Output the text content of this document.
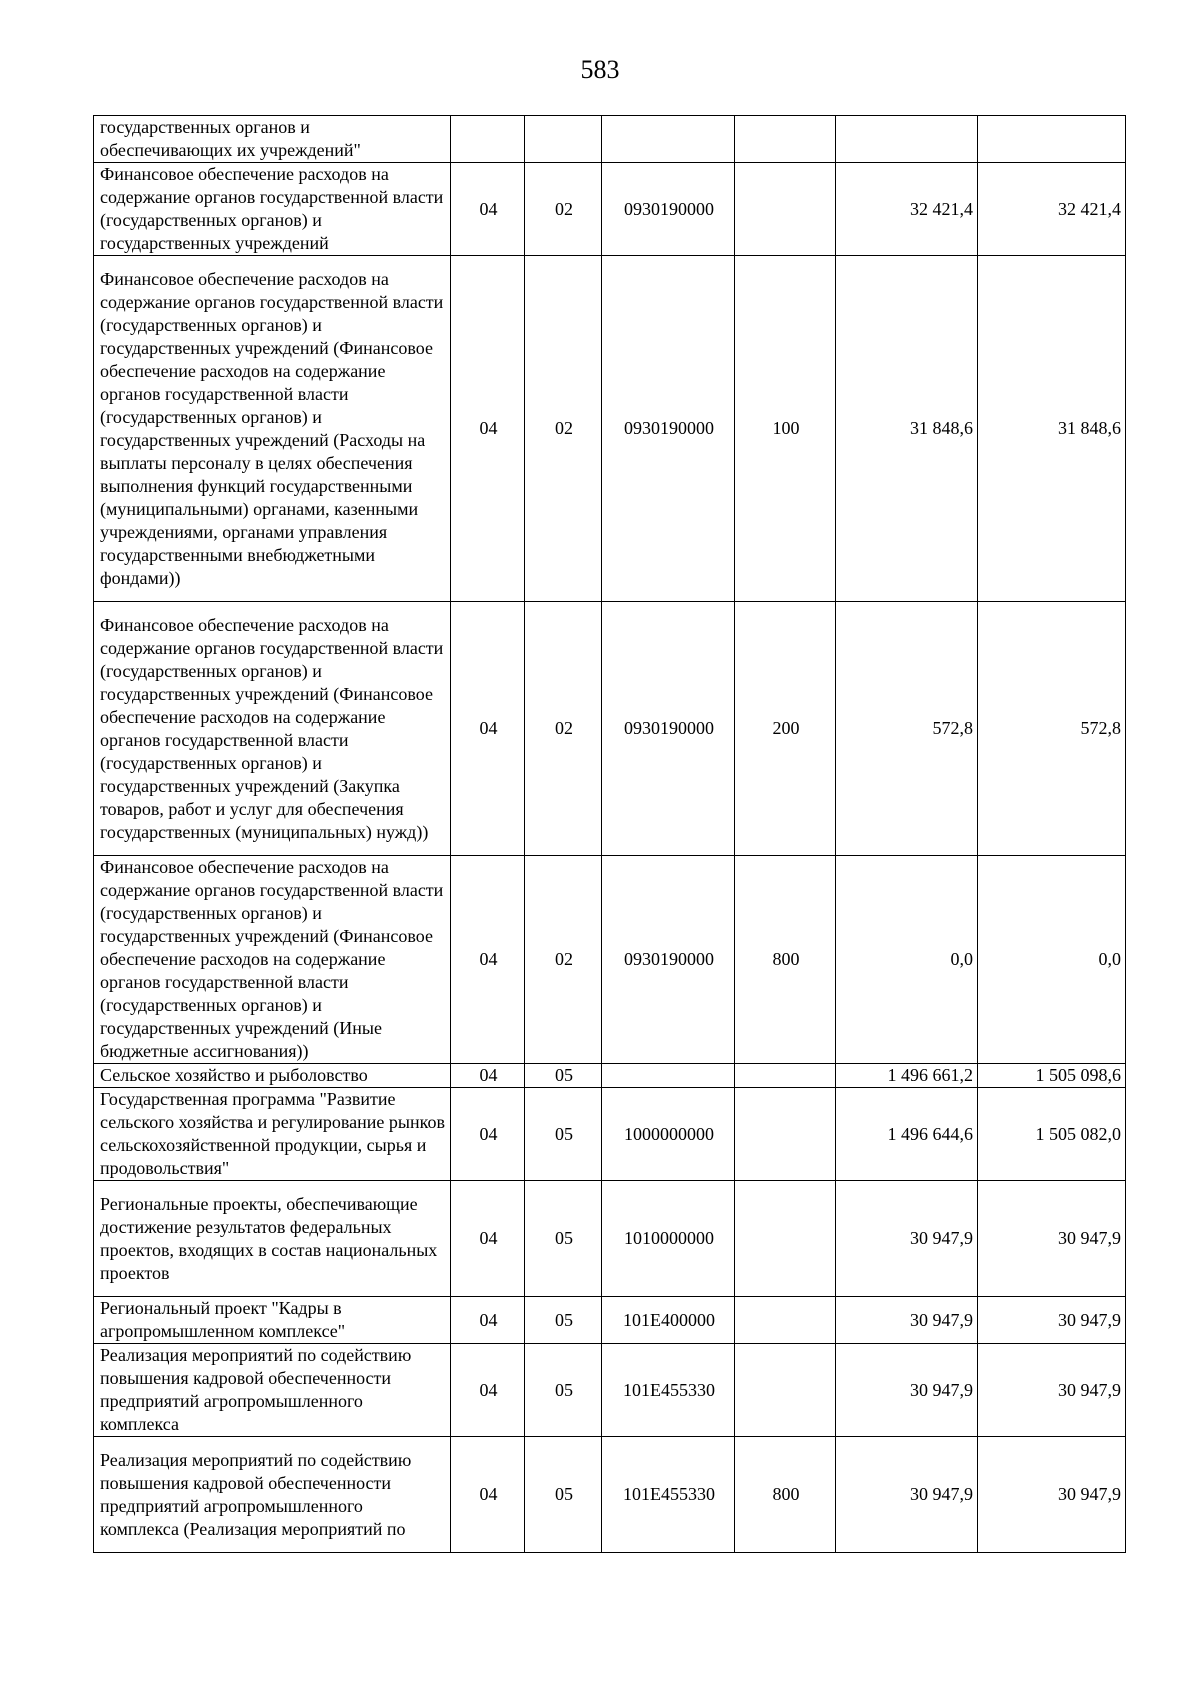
583
государственных органов и обеспечивающих их учреждений"						
Финансовое обеспечение расходов на содержание органов государственной власти (государственных органов) и государственных учреждений	04	02	0930190000		32 421,4	32 421,4
Финансовое обеспечение расходов на содержание органов государственной власти (государственных органов) и государственных учреждений (Финансовое обеспечение расходов на содержание органов государственной власти (государственных органов) и государственных учреждений (Расходы на выплаты персоналу в целях обеспечения выполнения функций государственными (муниципальными) органами, казенными учреждениями, органами управления государственными внебюджетными фондами))	04	02	0930190000	100	31 848,6	31 848,6
Финансовое обеспечение расходов на содержание органов государственной власти (государственных органов) и государственных учреждений (Финансовое обеспечение расходов на содержание органов государственной власти (государственных органов) и государственных учреждений (Закупка товаров, работ и услуг для обеспечения государственных (муниципальных) нужд))	04	02	0930190000	200	572,8	572,8
Финансовое обеспечение расходов на содержание органов государственной власти (государственных органов) и государственных учреждений (Финансовое обеспечение расходов на содержание органов государственной власти (государственных органов) и государственных учреждений (Иные бюджетные ассигнования))	04	02	0930190000	800	0,0	0,0
Сельское хозяйство и рыболовство	04	05			1 496 661,2	1 505 098,6
Государственная программа "Развитие сельского хозяйства и регулирование рынков сельскохозяйственной продукции, сырья и продовольствия"	04	05	1000000000		1 496 644,6	1 505 082,0
Региональные проекты, обеспечивающие достижение результатов федеральных проектов, входящих в состав национальных проектов	04	05	1010000000		30 947,9	30 947,9
Региональный проект "Кадры в агропромышленном комплексе"	04	05	101Е400000		30 947,9	30 947,9
Реализация мероприятий по содействию повышения кадровой обеспеченности предприятий агропромышленного комплекса	04	05	101Е455330		30 947,9	30 947,9
Реализация мероприятий по содействию повышения кадровой обеспеченности предприятий агропромышленного комплекса (Реализация мероприятий по	04	05	101Е455330	800	30 947,9	30 947,9
